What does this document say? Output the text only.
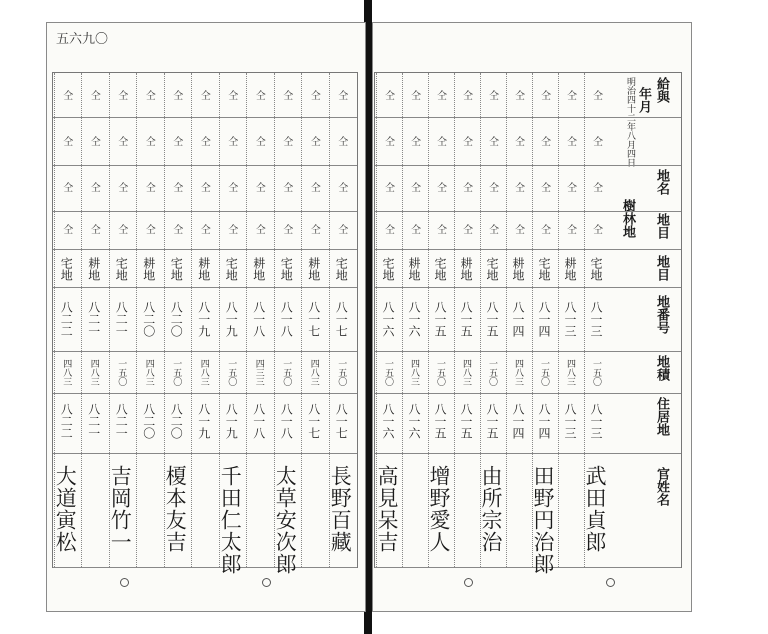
五六九〇
仝
仝
仝
仝
宅地
八一七
一五〇
八一七
長野百藏
仝
仝
仝
仝
耕地
八一七
四八三
八一七
仝
仝
仝
仝
宅地
八一八
一五〇
八一八
太草安次郎
仝
仝
仝
仝
耕地
八一八
四三三
八一八
仝
仝
仝
仝
宅地
八一九
一五〇
八一九
千田仁太郎
仝
仝
仝
仝
耕地
八一九
四八三
八一九
仝
仝
仝
仝
宅地
八二〇
一五〇
八二〇
榎本友吉
仝
仝
仝
仝
耕地
八二〇
四八三
八二〇
仝
仝
仝
仝
宅地
八二一
一五〇
八二一
吉岡竹一
仝
仝
仝
仝
耕地
八二一
四八三
八二一
仝
仝
仝
仝
宅地
八二二
四八三
八二二
大道寅松
給與
年月
地名
明治四十二年八月四日
地目
樹林地
地目
地番号
地積
住居地
官姓名
仝
仝
仝
仝
宅地
八一三
一五〇
八一三
武田貞郎
仝
仝
仝
仝
耕地
八一三
四八三
八一三
仝
仝
仝
仝
宅地
八一四
一五〇
八一四
田野円治郎
仝
仝
仝
仝
耕地
八一四
四八三
八一四
仝
仝
仝
仝
宅地
八一五
一五〇
八一五
由所宗治
仝
仝
仝
仝
耕地
八一五
四八三
八一五
仝
仝
仝
仝
宅地
八一五
一五〇
八一五
增野愛人
仝
仝
仝
仝
耕地
八一六
四八三
八一六
仝
仝
仝
仝
宅地
八一六
一五〇
八一六
高見呆吉
